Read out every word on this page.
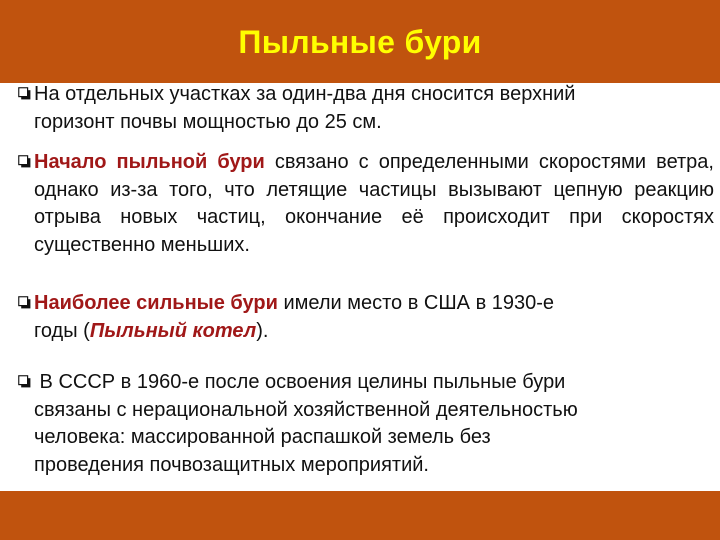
Пыльные бури
На отдельных участках за один-два дня сносится верхний
горизонт почвы мощностью до 25 см.
Начало пыльной бури связано с определенными скоростями ветра, однако из-за того, что летящие частицы вызывают цепную реакцию отрыва новых частиц, окончание её происходит при скоростях существенно меньших.
Наиболее сильные бури имели место в США в 1930-е
годы (Пыльный котел).
В СССР в 1960-е после освоения целины пыльные бури
связаны с нерациональной хозяйственной деятельностью
человека: массированной распашкой земель без
проведения почвозащитных мероприятий.
